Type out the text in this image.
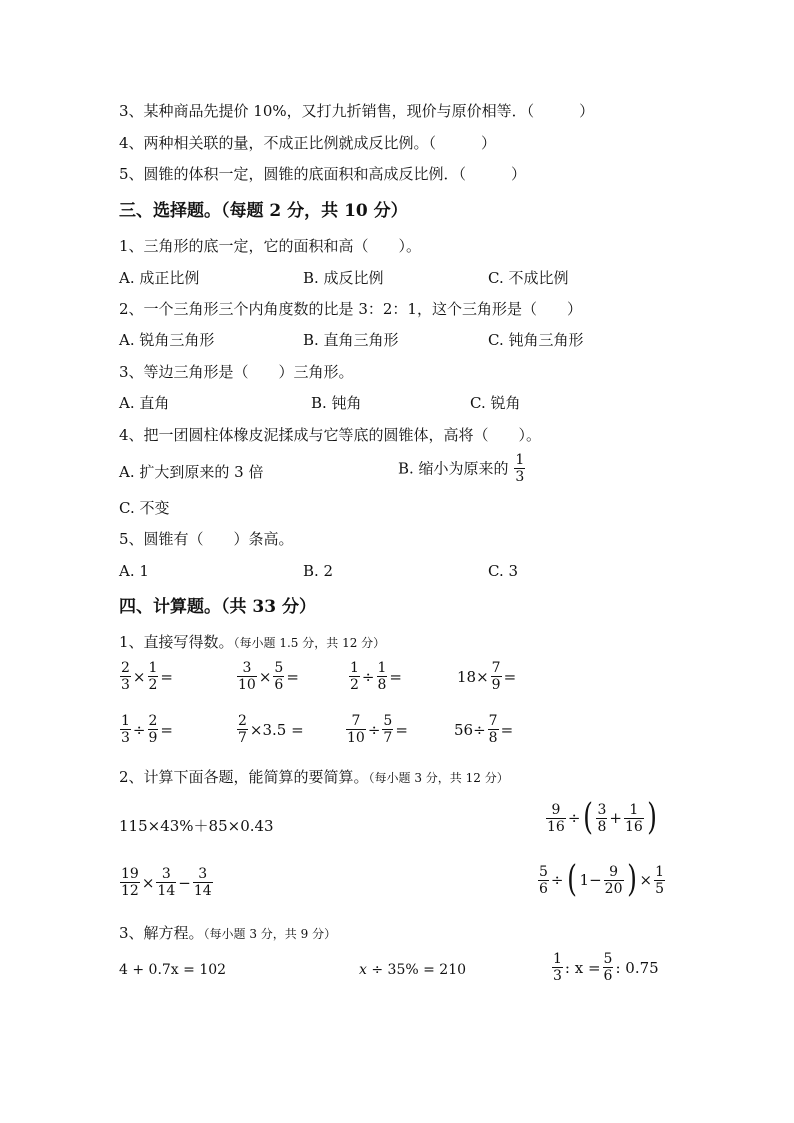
3、某种商品先提价 10%，又打九折销售，现价与原价相等．（　　　）
4、两种相关联的量，不成正比例就成反比例。（　　　）
5、圆锥的体积一定，圆锥的底面积和高成反比例．（　　　）
三、选择题。（每题 2 分，共 10 分）
1、三角形的底一定，它的面积和高（　　）。
A. 成正比例	B. 成反比例	C. 不成比例
2、一个三角形三个内角度数的比是 3：2：1，这个三角形是（　　）
A. 锐角三角形	B. 直角三角形	C. 钝角三角形
3、等边三角形是（　　）三角形。
A. 直角	B. 钝角	C. 锐角
4、把一团圆柱体橡皮泥揉成与它等底的圆锥体，高将（　　）。
A. 扩大到原来的 3 倍	B. 缩小为原来的 $\frac{1}{3}$
C. 不变
5、圆锥有（　　）条高。
A. 1	B. 2	C. 3
四、计算题。（共 33 分）
1、直接写得数。（每小题 1.5 分，共 12 分）
$\frac{2}{3} \times \frac{1}{2}$ =	$\frac{3}{10} \times \frac{5}{6}$ =	$\frac{1}{2} \div \frac{1}{8}$ =	$18\times \frac{7}{9}$ =
$\frac{1}{3} \div \frac{2}{9}$ =	$\frac{2}{7} \times 3.5$ =	$\frac{7}{10} \div \frac{5}{7}$ =	$56\div \frac{7}{8}$ =
2、计算下面各题，能简算的要简算。（每小题 3 分，共 12 分）
115×43%＋85×0.43	$\frac{9}{16}$ ÷( $\frac{3}{8} + \frac{1}{16}$ )
$\frac{19}{12} \times \frac{3}{14} - \frac{3}{14}$	$\frac{5}{6}$ ÷( $1- \frac{9}{20}$ ) × $\frac{1}{5}$
3、解方程。（每小题 3 分，共 9 分）
4 + 0.7x = 102	x ÷ 35% = 210	$\frac{1}{3}$ : $x = \frac{5}{6}$ : 0.75
